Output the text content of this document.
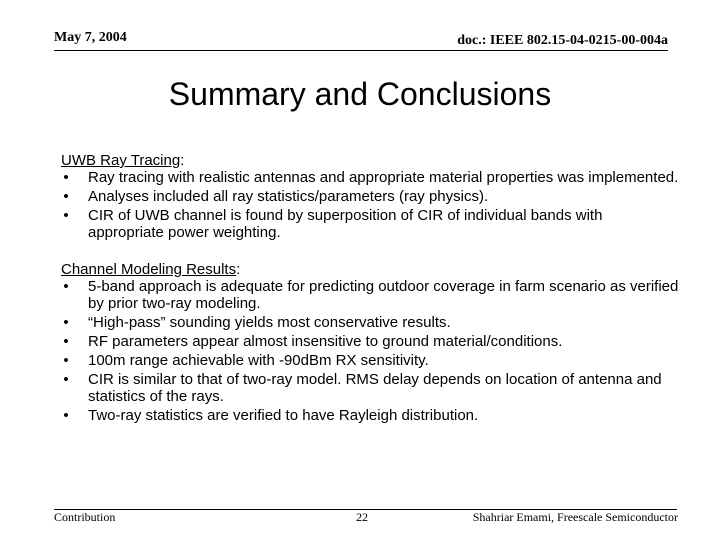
May 7, 2004	doc.: IEEE 802.15-04-0215-00-004a
Summary and Conclusions

UWB Ray Tracing:

• Ray tracing with realistic antennas and appropriate material properties was implemented.
• Analyses included all ray statistics/parameters (ray physics).
• CIR of UWB channel is found by superposition of CIR of individual bands with appropriate power weighting.

Channel Modeling Results:

• 5-band approach is adequate for predicting outdoor coverage in farm scenario as verified by prior two-ray modeling.
• “High-pass” sounding yields most conservative results.
• RF parameters appear almost insensitive to ground material/conditions.
• 100m range achievable with -90dBm RX sensitivity.
• CIR is similar to that of two-ray model. RMS delay depends on location of antenna and statistics of the rays.
• Two-ray statistics are verified to have Rayleigh distribution.
Contribution	22	Shahriar Emami, Freescale Semiconductor
